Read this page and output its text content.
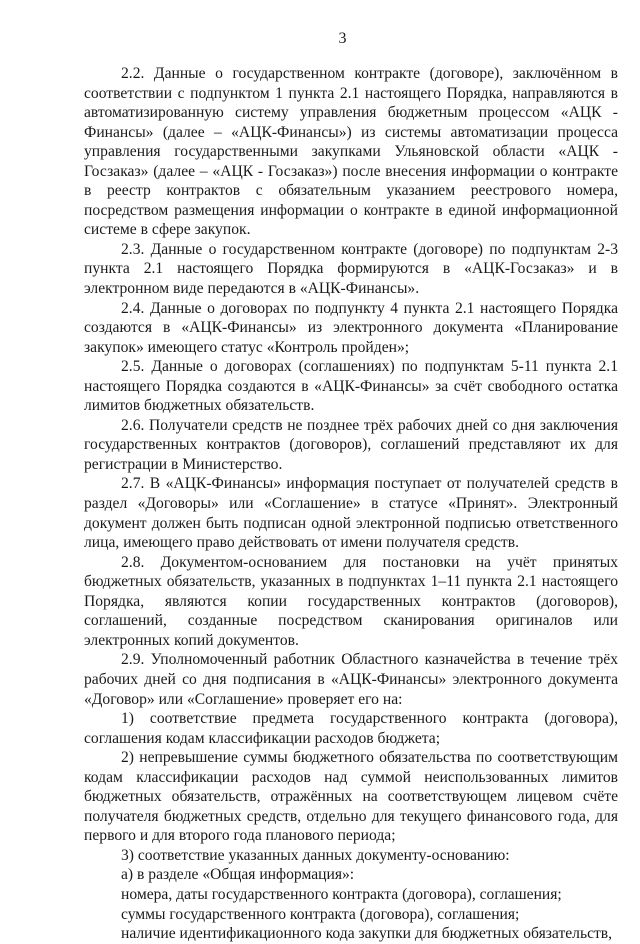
3

2.2. Данные о государственном контракте (договоре), заключённом в соответствии с подпунктом 1 пункта 2.1 настоящего Порядка, направляются в автоматизированную систему управления бюджетным процессом «АЦК - Финансы» (далее – «АЦК-Финансы») из системы автоматизации процесса управления государственными закупками Ульяновской области «АЦК - Госзаказ» (далее – «АЦК - Госзаказ») после внесения информации о контракте в реестр контрактов с обязательным указанием реестрового номера, посредством размещения информации о контракте в единой информационной системе в сфере закупок.

2.3. Данные о государственном контракте (договоре) по подпунктам 2-3 пункта 2.1 настоящего Порядка формируются в «АЦК-Госзаказ» и в электронном виде передаются в «АЦК-Финансы».

2.4. Данные о договорах по подпункту 4 пункта 2.1 настоящего Порядка создаются в «АЦК-Финансы» из электронного документа «Планирование закупок» имеющего статус «Контроль пройден»;

2.5. Данные о договорах (соглашениях) по подпунктам 5-11 пункта 2.1 настоящего Порядка создаются в «АЦК-Финансы» за счёт свободного остатка лимитов бюджетных обязательств.

2.6. Получатели средств не позднее трёх рабочих дней со дня заключения государственных контрактов (договоров), соглашений представляют их для регистрации в Министерство.

2.7. В «АЦК-Финансы» информация поступает от получателей средств в раздел «Договоры» или «Соглашение» в статусе «Принят». Электронный документ должен быть подписан одной электронной подписью ответственного лица, имеющего право действовать от имени получателя средств.

2.8. Документом-основанием для постановки на учёт принятых бюджетных обязательств, указанных в подпунктах 1–11 пункта 2.1 настоящего Порядка, являются копии государственных контрактов (договоров), соглашений, созданные посредством сканирования оригиналов или электронных копий документов.

2.9. Уполномоченный работник Областного казначейства в течение трёх рабочих дней со дня подписания в «АЦК-Финансы» электронного документа «Договор» или «Соглашение» проверяет его на:

1) соответствие предмета государственного контракта (договора), соглашения кодам классификации расходов бюджета;

2) непревышение суммы бюджетного обязательства по соответствующим кодам классификации расходов над суммой неиспользованных лимитов бюджетных обязательств, отражённых на соответствующем лицевом счёте получателя бюджетных средств, отдельно для текущего финансового года, для первого и для второго года планового периода;

3) соответствие указанных данных документу-основанию:

а) в разделе «Общая информация»:

номера, даты государственного контракта (договора), соглашения;

суммы государственного контракта (договора), соглашения;

наличие идентификационного кода закупки для бюджетных обязательств,
